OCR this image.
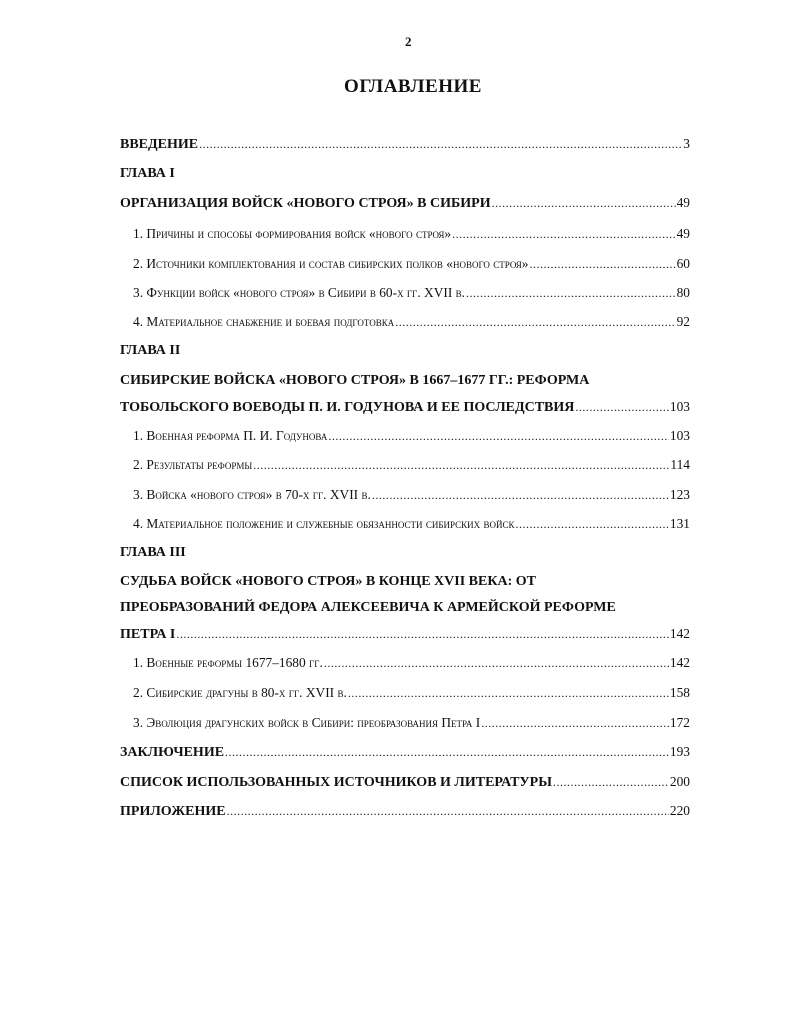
2
ОГЛАВЛЕНИЕ
ВВЕДЕНИЕ .....	3
ГЛАВА I
ОРГАНИЗАЦИЯ ВОЙСК «НОВОГО СТРОЯ» В СИБИРИ .....	49
1. Причины и способы формирования войск «нового строя» .....	49
2. Источники комплектования и состав сибирских полков «нового строя» .....	60
3. Функции войск «нового строя» в Сибири в 60-х гг. XVII в. .....	80
4. Материальное снабжение и боевая подготовка .....	92
ГЛАВА II
СИБИРСКИЕ ВОЙСКА «НОВОГО СТРОЯ» В 1667–1677 ГГ.: РЕФОРМА
ТОБОЛЬСКОГО ВОЕВОДЫ П. И. ГОДУНОВА И ЕЕ ПОСЛЕДСТВИЯ .....	103
1. Военная реформа П. И. Годунова .....	103
2. Результаты реформы .....	114
3. Войска «нового строя» в 70-х гг. XVII в. .....	123
4. Материальное положение и служебные обязанности сибирских войск .....	131
ГЛАВА III
СУДЬБА ВОЙСК «НОВОГО СТРОЯ» В КОНЦЕ XVII ВЕКА: ОТ
ПРЕОБРАЗОВАНИЙ ФЕДОРА АЛЕКСЕЕВИЧА К АРМЕЙСКОЙ РЕФОРМЕ
ПЕТРА I .....	142
1. Военные реформы 1677–1680 гг. .....	142
2. Сибирские драгуны в 80-х гг. XVII в. .....	158
3. Эволюция драгунских войск в Сибири: преобразования Петра I .....	172
ЗАКЛЮЧЕНИЕ .....	193
СПИСОК ИСПОЛЬЗОВАННЫХ ИСТОЧНИКОВ И ЛИТЕРАТУРЫ .....	200
ПРИЛОЖЕНИЕ .....	220
